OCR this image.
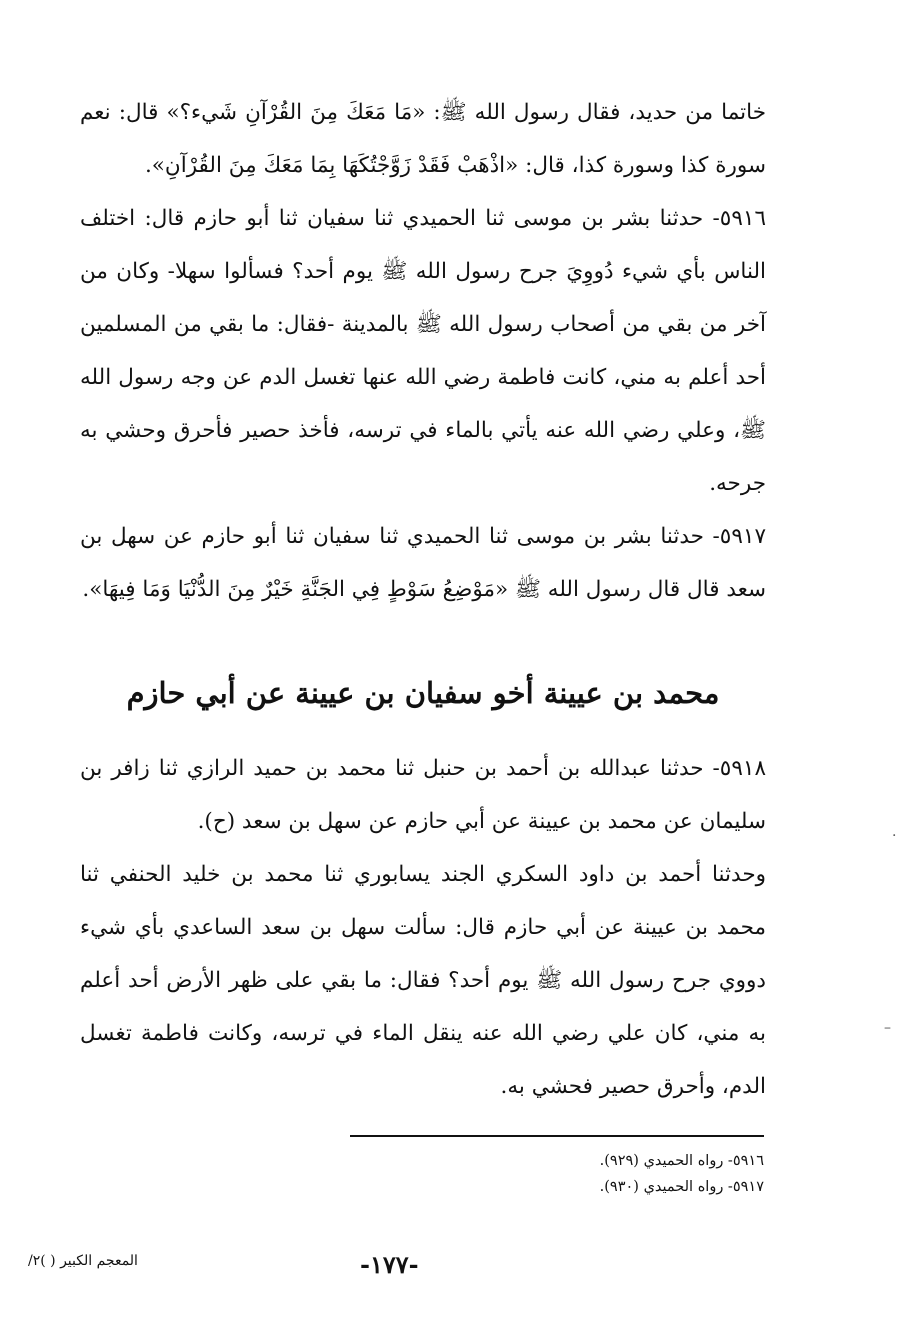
خاتما من حديد، فقال رسول الله ﷺ: «مَا مَعَكَ مِنَ القُرْآنِ شَيء؟» قال: نعم سورة كذا وسورة كذا، قال: «اذْهَبْ فَقَدْ زَوَّجْتُكَهَا بِمَا مَعَكَ مِنَ القُرْآنِ».

٥٩١٦- حدثنا بشر بن موسى ثنا الحميدي ثنا سفيان ثنا أبو حازم قال: اختلف الناس بأي شيء دُووِيَ جرح رسول الله ﷺ يوم أحد؟ فسألوا سهلا- وكان من آخر من بقي من أصحاب رسول الله ﷺ بالمدينة -فقال: ما بقي من المسلمين أحد أعلم به مني، كانت فاطمة رضي الله عنها تغسل الدم عن وجه رسول الله ﷺ، وعلي رضي الله عنه يأتي بالماء في ترسه، فأخذ حصير فأحرق وحشي به جرحه.

٥٩١٧- حدثنا بشر بن موسى ثنا الحميدي ثنا سفيان ثنا أبو حازم عن سهل بن سعد قال قال رسول الله ﷺ «مَوْضِعُ سَوْطٍ فِي الجَنَّةِ خَيْرٌ مِنَ الدُّنْيَا وَمَا فِيهَا».

محمد بن عيينة أخو سفيان بن عيينة عن أبي حازم

٥٩١٨- حدثنا عبدالله بن أحمد بن حنبل ثنا محمد بن حميد الرازي ثنا زافر بن سليمان عن محمد بن عيينة عن أبي حازم عن سهل بن سعد (ح).

وحدثنا أحمد بن داود السكري الجند يسابوري ثنا محمد بن خليد الحنفي ثنا محمد بن عيينة عن أبي حازم قال: سألت سهل بن سعد الساعدي بأي شيء دووي جرح رسول الله ﷺ يوم أحد؟ فقال: ما بقي على ظهر الأرض أحد أعلم به مني، كان علي رضي الله عنه ينقل الماء في ترسه، وكانت فاطمة تغسل الدم، وأحرق حصير فحشي به.

٥٩١٦- رواه الحميدي (٩٢٩).

٥٩١٧- رواه الحميدي (٩٣٠).

المعجم الكبير ( )٢/	-١٧٧-
·
–
